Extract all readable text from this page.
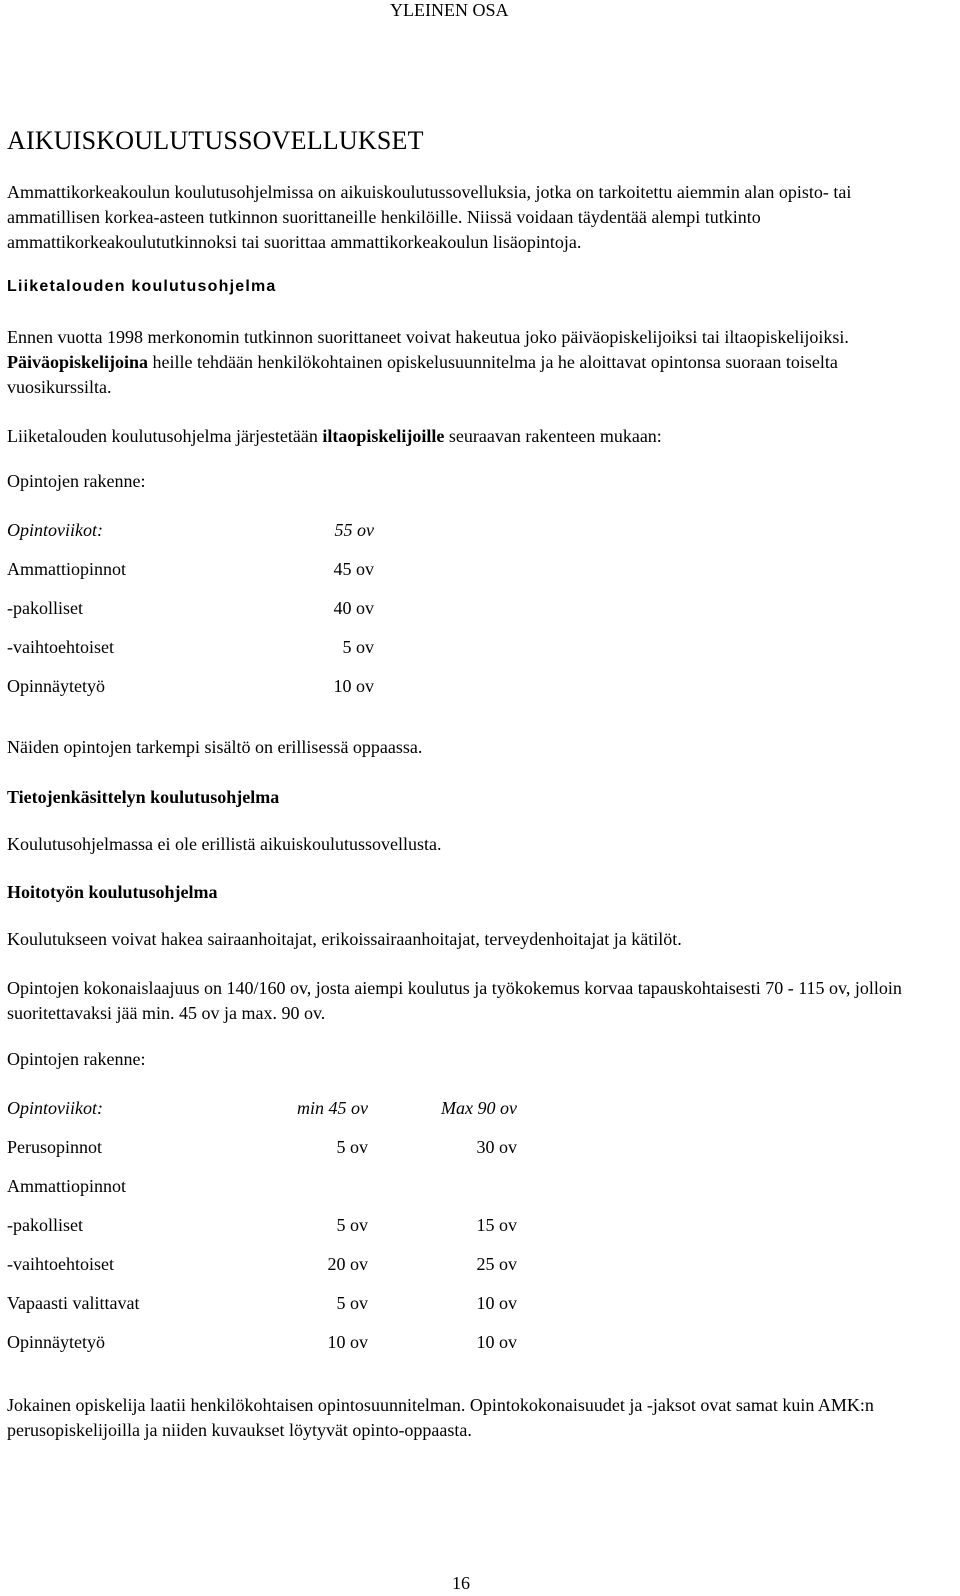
YLEINEN OSA
AIKUISKOULUTUSSOVELLUKSET
Ammattikorkeakoulun koulutusohjelmissa on aikuiskoulutussovelluksia, jotka on tarkoitettu aiemmin alan opisto- tai ammatillisen korkea-asteen tutkinnon suorittaneille henkilöille. Niissä voidaan täydentää alempi tutkinto ammattikorkeakoulututkinnoksi tai suorittaa ammattikorkeakoulun lisäopintoja.
Liiketalouden koulutusohjelma
Ennen vuotta 1998 merkonomin tutkinnon suorittaneet voivat hakeutua joko päiväopiskelijoiksi tai iltaopiskelijoiksi. Päiväopiskelijoina heille tehdään henkilökohtainen opiskelusuunnitelma ja he aloittavat opintonsa suoraan toiselta vuosikurssilta.
Liiketalouden koulutusohjelma järjestetään iltaopiskelijoille seuraavan rakenteen mukaan:
Opintojen rakenne:
Opintoviikot:	55 ov
Ammattiopinnot	45 ov
-pakolliset	40 ov
-vaihtoehtoiset	5 ov
Opinnäytetyö	10 ov
Näiden opintojen tarkempi sisältö on erillisessä oppaassa.
Tietojenkäsittelyn koulutusohjelma
Koulutusohjelmassa ei ole erillistä aikuiskoulutussovellusta.
Hoitotyön koulutusohjelma
Koulutukseen voivat hakea sairaanhoitajat, erikoissairaanhoitajat, terveydenhoitajat ja kätilöt.
Opintojen kokonaislaajuus on 140/160 ov, josta aiempi koulutus ja työkokemus korvaa tapauskohtaisesti 70 - 115 ov, jolloin suoritettavaksi jää min. 45 ov ja max. 90 ov.
Opintojen rakenne:
Opintoviikot:	min 45 ov	Max 90 ov
Perusopinnot	5 ov	30 ov
Ammattiopinnot
-pakolliset	5 ov	15 ov
-vaihtoehtoiset	20 ov	25 ov
Vapaasti valittavat	5 ov	10 ov
Opinnäytetyö	10 ov	10 ov
Jokainen opiskelija laatii henkilökohtaisen opintosuunnitelman. Opintokokonaisuudet ja -jaksot ovat samat kuin AMK:n perusopiskelijoilla ja niiden kuvaukset löytyvät opinto-oppaasta.
16
